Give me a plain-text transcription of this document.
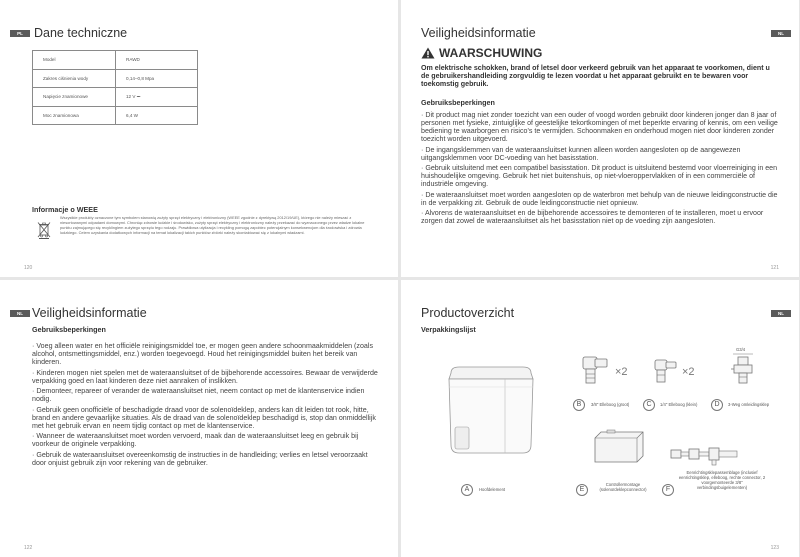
PL Dane techniczne
Model	RAWD
Zakres ciśnienia wody	0,14–0,8 Mpa
Napięcie znamionowe	12 V ⎓
Moc znamionowa	6,4 W
Informacje o WEEE
Wszystkie produkty oznaczone tym symbolem stanowią zużyty sprzęt elektryczny i elektroniczny (WEEE zgodnie z dyrektywą 2012/19/UE), którego nie należy mieszać z niesortowanymi odpadami domowymi. Chroniąc zdrowie ludzkie i środowisko, zużyty sprzęt elektryczny i elektroniczny należy przekazać do wyznaczonego przez władze lokalne punktu zajmującego się recyklingiem zużytego sprzętu tego rodzaju. Prawidłowa utylizacja i recykling pomogą zapobiec potencjalnym konsekwencjom dla środowiska i zdrowia ludzkiego. Celem uzyskania dodatkowych informacji na temat lokalizacji takich punktów zbiórki należy skontaktować się z lokalnymi władzami.
120
NL
Veiligheidsinformatie
WAARSCHUWING
Om elektrische schokken, brand of letsel door verkeerd gebruik van het apparaat te voorkomen, dient u de gebruikershandleiding zorgvuldig te lezen voordat u het apparaat gebruikt en te bewaren voor toekomstig gebruik.
Gebruiksbeperkingen
· Dit product mag niet zonder toezicht van een ouder of voogd worden gebruikt door kinderen jonger dan 8 jaar of personen met fysieke, zintuiglijke of geestelijke tekortkomingen of met beperkte ervaring of kennis, om een veilige bediening te waarborgen en risico's te vermijden. Schoonmaken en onderhoud mogen niet door kinderen zonder toezicht worden uitgevoerd.
· De ingangsklemmen van de wateraansluitset kunnen alleen worden aangesloten op de aangewezen uitgangsklemmen voor DC-voeding van het basisstation.
· Gebruik uitsluitend met een compatibel basisstation. Dit product is uitsluitend bestemd voor vloerreiniging in een huishoudelijke omgeving. Gebruik het niet buitenshuis, op niet-vloeroppervlakken of in een commerciële of industriële omgeving.
· De wateraansluitset moet worden aangesloten op de waterbron met behulp van de nieuwe leidingconstructie die in de verpakking zit. Gebruik de oude leidingconstructie niet opnieuw.
· Alvorens de wateraansluitset en de bijbehorende accessoires te demonteren of te installeren, moet u ervoor zorgen dat zowel de wateraansluitset als het basisstation niet op de voeding zijn aangesloten.
121
NL Veiligheidsinformatie
Gebruiksbeperkingen
· Voeg alleen water en het officiële reinigingsmiddel toe, er mogen geen andere schoonmaakmiddelen (zoals alcohol, ontsmettingsmiddel, enz.) worden toegevoegd. Houd het reinigingsmiddel buiten het bereik van kinderen.
· Kinderen mogen niet spelen met de wateraansluitset of de bijbehorende accessoires. Bewaar de verwijderde verpakking goed en laat kinderen deze niet aanraken of inslikken.
· Demonteer, repareer of verander de wateraansluitset niet, neem contact op met de klantenservice indien nodig.
· Gebruik geen onofficiële of beschadigde draad voor de solenoïdeklep, anders kan dit leiden tot rook, hitte, brand en andere gevaarlijke situaties. Als de draad van de solenoïdeklep beschadigd is, stop dan onmiddellijk met het gebruik ervan en neem tijdig contact op met de klantenservice.
· Wanneer de wateraansluitset moet worden vervoerd, maak dan de wateraansluitset leeg en gebruik bij voorkeur de originele verpakking.
· Gebruik de wateraansluitset overeenkomstig de instructies in de handleiding; verlies en letsel veroorzaakt door onjuist gebruik zijn voor rekening van de gebruiker.
122
NL
Productoverzicht
Verpakkingslijst
A	Hoofdelement
×2
B	3/8" Elleboog (groot)
×2
C	1/4" Elleboog (klein)
G3/4
D	3-Weg omleidingsklep
E
Controllermontage (solenoïdeklepconnector)	F
Eenrichtingsklepassemblage (inclusief eenrichtingsklep, elleboog, rechte connector, 2 voorgemonteerde 3/8" verbindingsbuigelementen)
123
